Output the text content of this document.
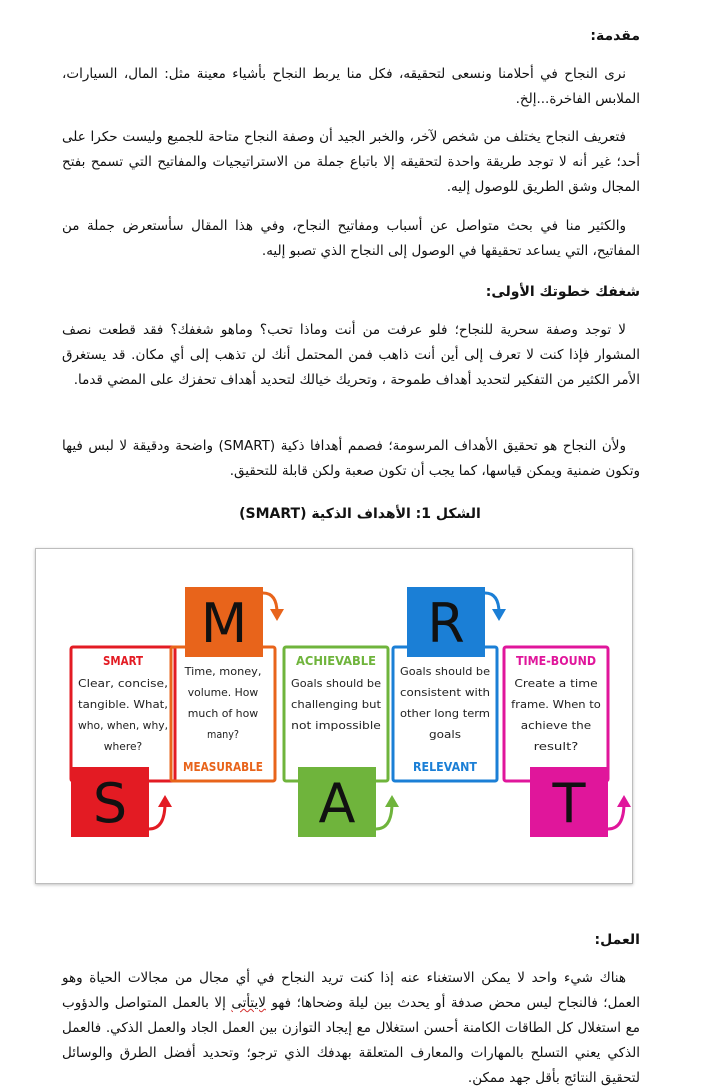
مقدمة:
نرى النجاح في أحلامنا ونسعى لتحقيقه، فكل منا يربط النجاح بأشياء معينة مثل: المال، السيارات، الملابس الفاخرة...إلخ.
فتعريف النجاح يختلف من شخص لآخر، والخبر الجيد أن وصفة النجاح متاحة للجميع وليست حكرا على أحد؛ غير أنه لا توجد طريقة واحدة لتحقيقه إلا باتباع جملة من الاستراتيجيات والمفاتيح التي تسمح بفتح المجال وشق الطريق للوصول إليه.
والكثير منا في بحث متواصل عن أسباب ومفاتيح النجاح، وفي هذا المقال سأستعرض جملة من المفاتيح، التي يساعد تحقيقها في الوصول إلى النجاح الذي تصبو إليه.
شغفك خطوتك الأولى:
لا توجد وصفة سحرية للنجاح؛ فلو عرفت من أنت وماذا تحب؟ وماهو شغفك؟ فقد قطعت نصف المشوار فإذا كنت لا تعرف إلى أين أنت ذاهب فمن المحتمل أنك لن تذهب إلى أي مكان. قد يستغرق الأمر الكثير من التفكير لتحديد أهداف طموحة ، وتحريك خيالك لتحديد أهداف تحفزك على المضي قدما.
ولأن النجاح هو تحقيق الأهداف المرسومة؛ فصمم أهدافا ذكية (SMART) واضحة ودقيقة لا لبس فيها وتكون ضمنية ويمكن قياسها، كما يجب أن تكون صعبة ولكن قابلة للتحقيق.
الشكل 1: الأهداف الذكية (SMART)
S
SMART
Clear, concise,
tangible. What,
who, when, why,
where?
M
Time, money,
volume. How
much of how
many?
MEASURABLE
A
ACHIEVABLE
Goals should be
challenging but
not impossible
R
Goals should be
consistent with
other long term
goals
RELEVANT
T
TIME-BOUND
Create a time
frame. When to
achieve the
result?
العمل:
هناك شيء واحد لا يمكن الاستغناء عنه إذا كنت تريد النجاح في أي مجال من مجالات الحياة وهو العمل؛ فالنجاح ليس محض صدفة أو يحدث بين ليلة وضحاها؛ فهو لايتأتى إلا بالعمل المتواصل والدؤوب مع استغلال كل الطاقات الكامنة أحسن استغلال مع إيجاد التوازن بين العمل الجاد والعمل الذكي. فالعمل الذكي يعني التسلح بالمهارات والمعارف المتعلقة بهدفك الذي ترجو؛ وتحديد أفضل الطرق والوسائل لتحقيق النتائج بأقل جهد ممكن.
